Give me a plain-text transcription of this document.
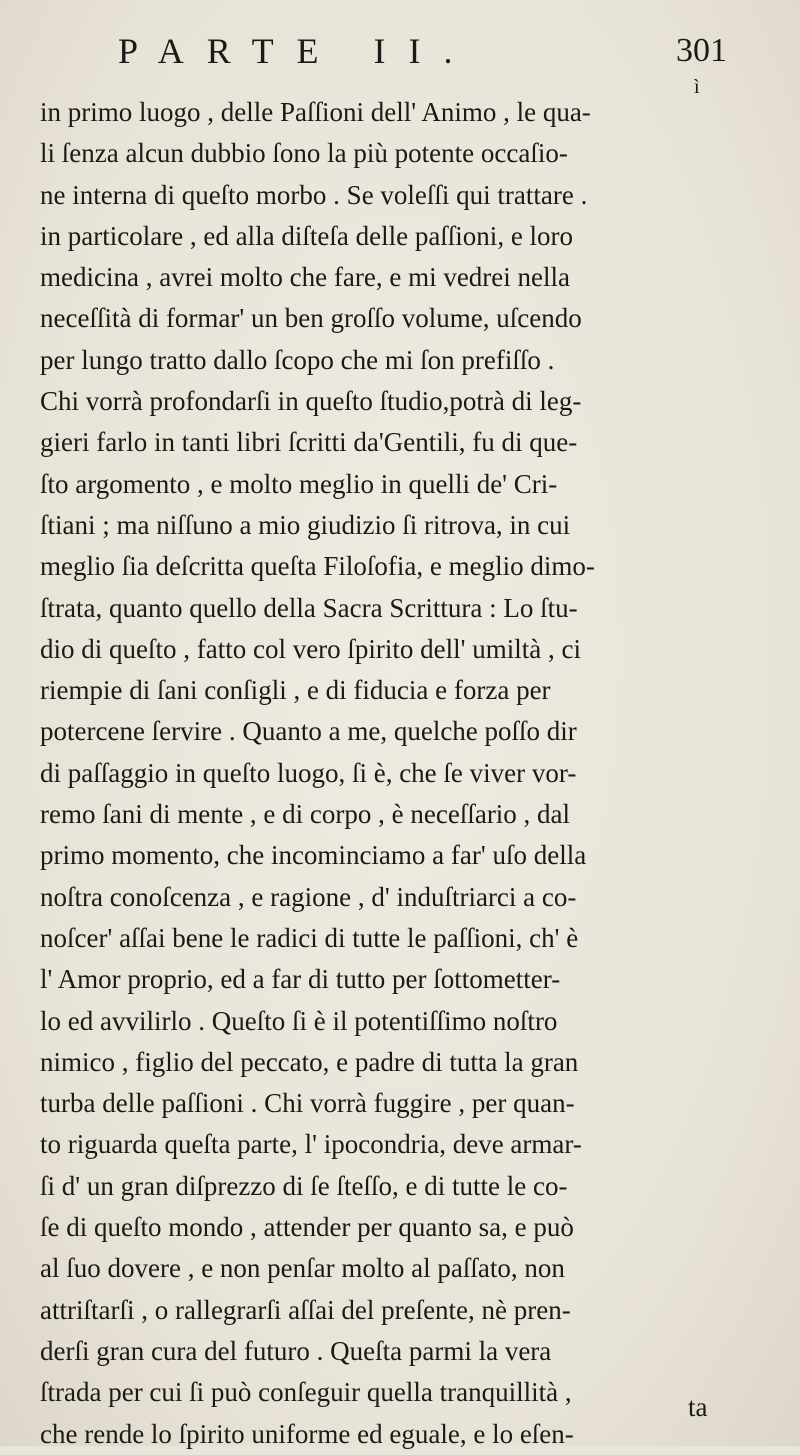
PARTE II.	301
ì
in primo luogo , delle Paſſioni dell' Animo , le qua-
li ſenza alcun dubbio ſono la più potente occaſio-
ne interna di queſto morbo . Se voleſſi qui trattare .
in particolare , ed alla diſteſa delle paſſioni, e loro
medicina , avrei molto che fare, e mi vedrei nella
neceſſità di formar' un ben groſſo volume, uſcendo
per lungo tratto dallo ſcopo che mi ſon prefiſſo .
Chi vorrà profondarſi in queſto ſtudio,potrà di leg-
gieri farlo in tanti libri ſcritti da'Gentili, fu di que-
ſto argomento , e molto meglio in quelli de' Cri-
ſtiani ; ma niſſuno a mio giudizio ſi ritrova, in cui
meglio ſia deſcritta queſta Filoſofia, e meglio dimo-
ſtrata, quanto quello della Sacra Scrittura : Lo ſtu-
dio di queſto , fatto col vero ſpirito dell' umiltà , ci
riempie di ſani conſigli , e di fiducia e forza per
potercene ſervire . Quanto a me, quelche poſſo dir
di paſſaggio in queſto luogo, ſi è, che ſe viver vor-
remo ſani di mente , e di corpo , è neceſſario , dal
primo momento, che incominciamo a far' uſo della
noſtra conoſcenza , e ragione , d' induſtriarci a co-
noſcer' aſſai bene le radici di tutte le paſſioni, ch' è
l' Amor proprio, ed a far di tutto per ſottometter-
lo ed avvilirlo . Queſto ſi è il potentiſſimo noſtro
nimico , figlio del peccato, e padre di tutta la gran
turba delle paſſioni . Chi vorrà fuggire , per quan-
to riguarda queſta parte, l' ipocondria, deve armar-
ſi d' un gran diſprezzo di ſe ſteſſo, e di tutte le co-
ſe di queſto mondo , attender per quanto sa, e può
al ſuo dovere , e non penſar molto al paſſato, non
attriſtarſi , o rallegrarſi aſſai del preſente, nè pren-
derſi gran cura del futuro . Queſta parmi la vera
ſtrada per cui ſi può conſeguir quella tranquillità ,
che rende lo ſpirito uniforme ed eguale, e lo eſen-
ta
